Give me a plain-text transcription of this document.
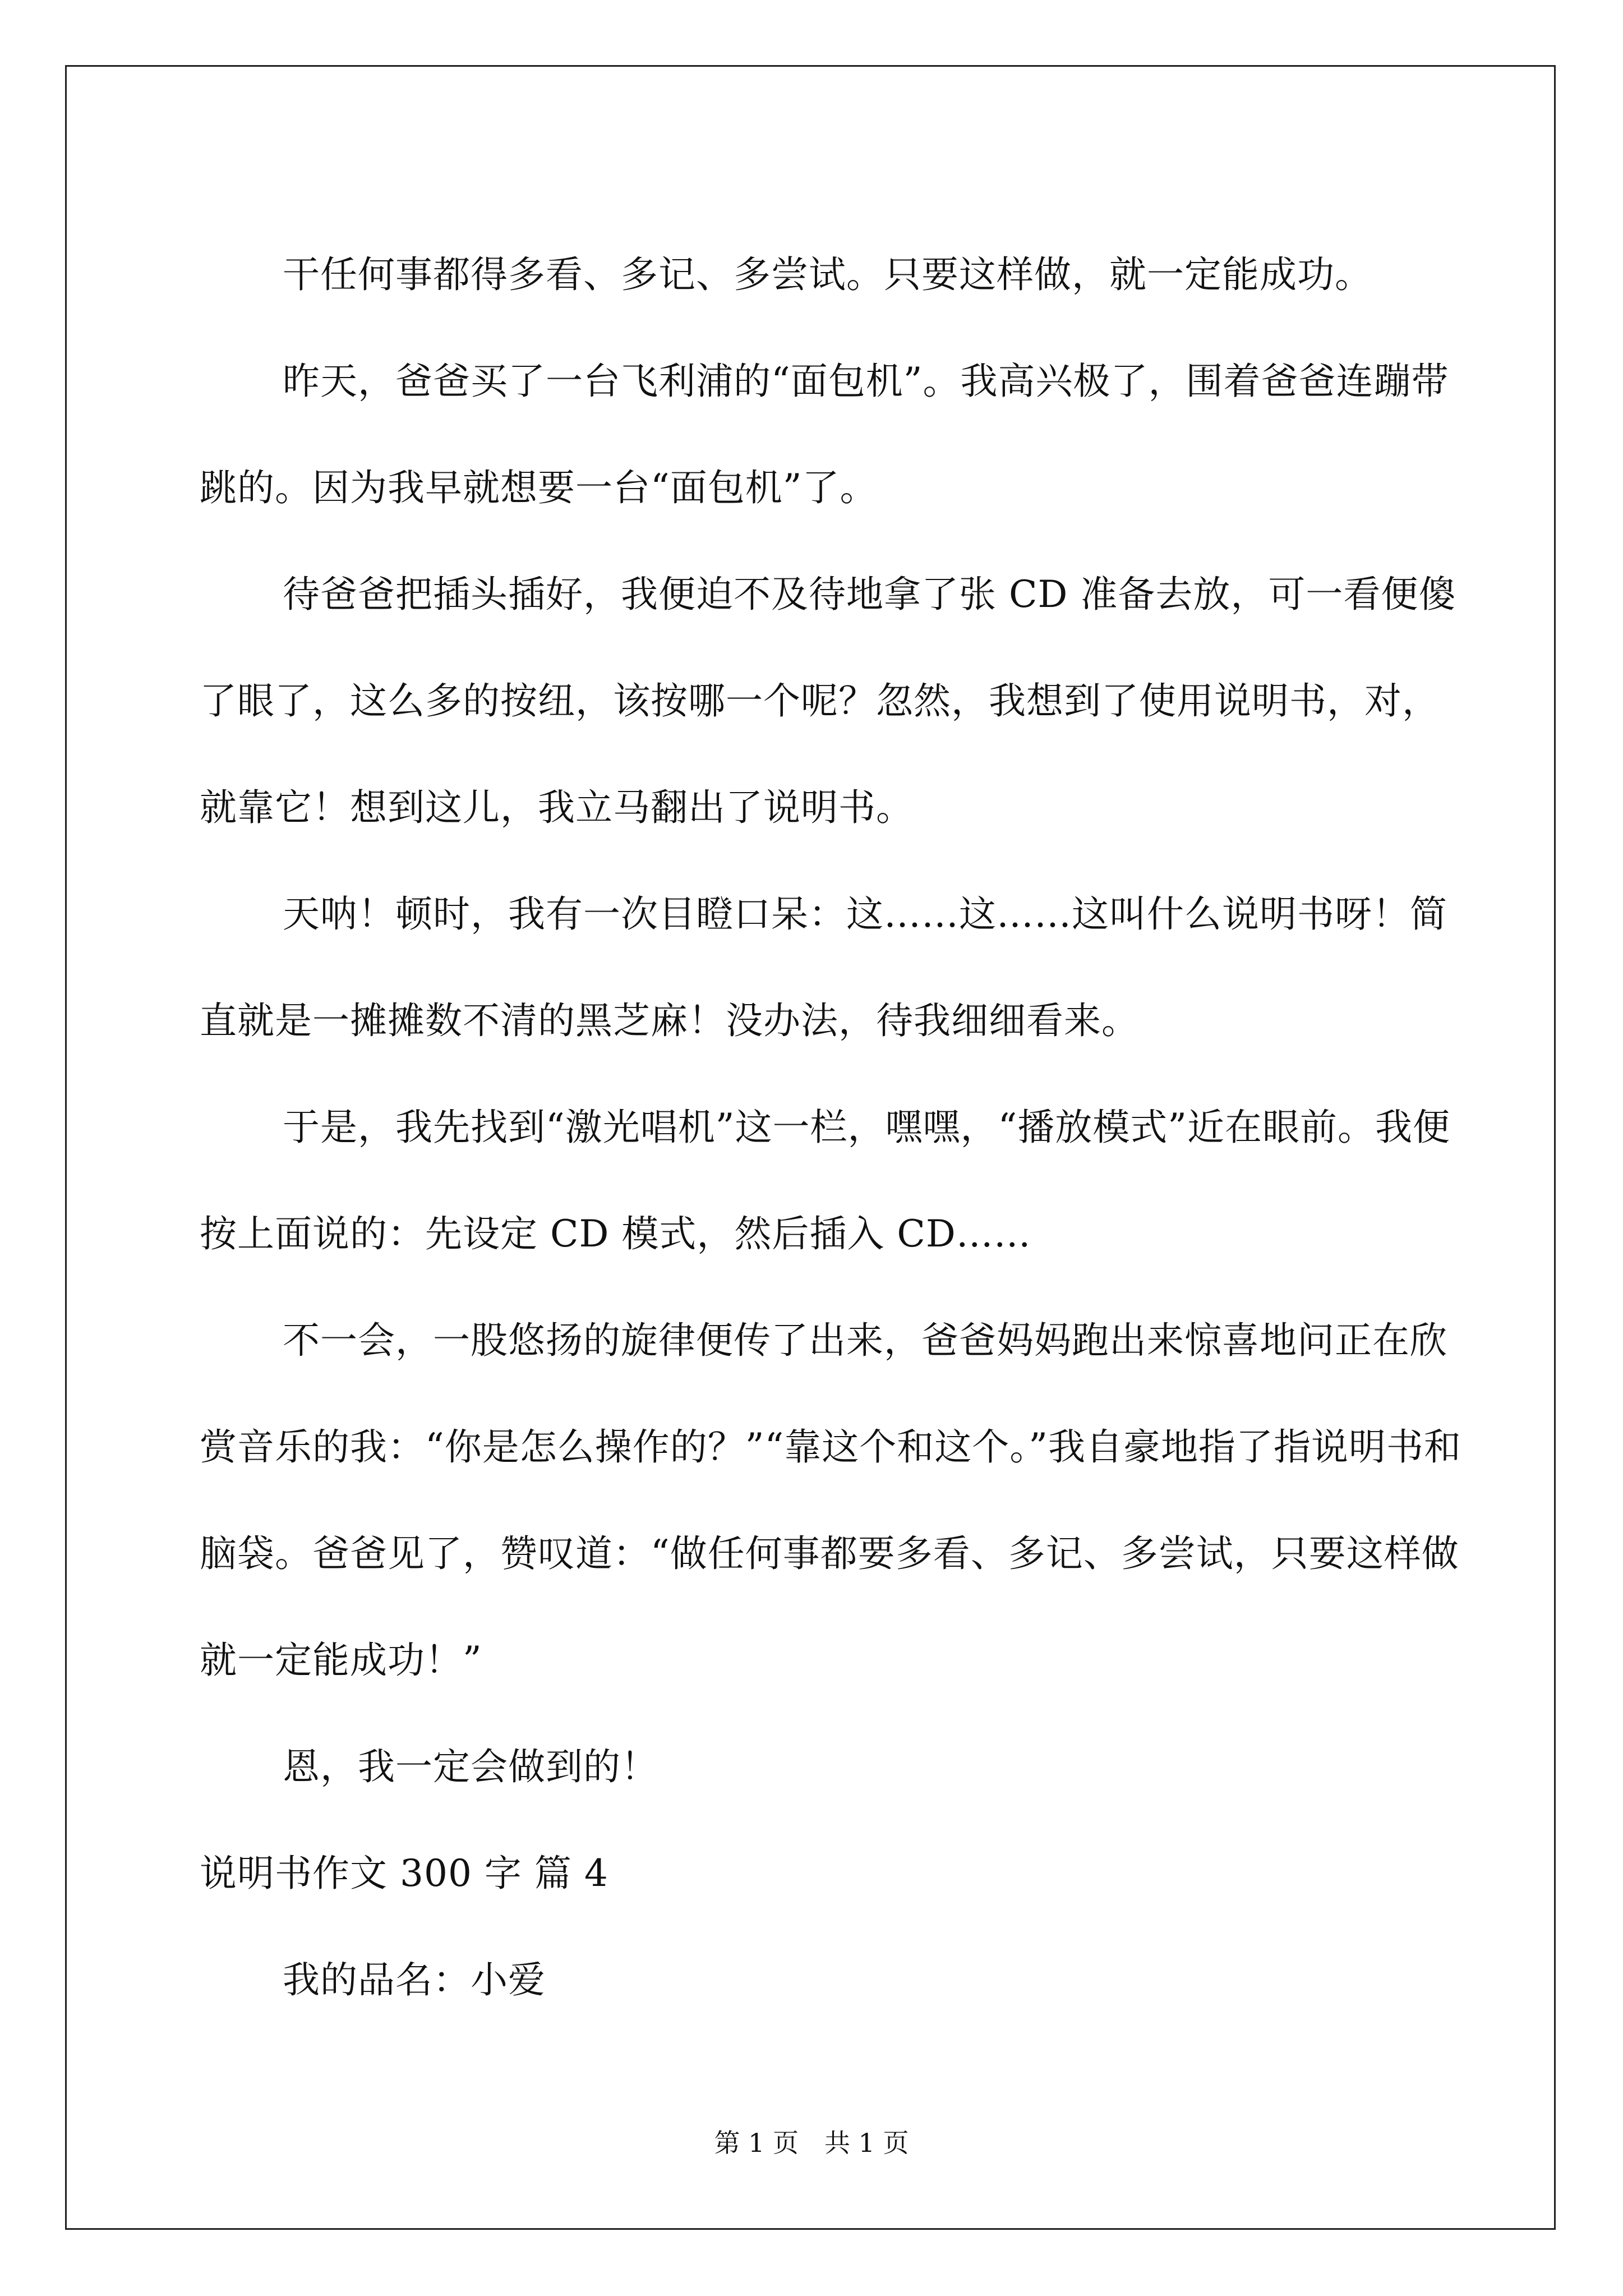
干任何事都得多看、多记、多尝试。只要这样做，就一定能成功。

昨天，爸爸买了一台飞利浦的“面包机”。我高兴极了，围着爸爸连蹦带跳的。因为我早就想要一台“面包机”了。

待爸爸把插头插好，我便迫不及待地拿了张 CD 准备去放，可一看便傻了眼了，这么多的按纽，该按哪一个呢？忽然，我想到了使用说明书，对，就靠它！想到这儿，我立马翻出了说明书。

天呐！顿时，我有一次目瞪口呆：这……这……这叫什么说明书呀！简直就是一摊摊数不清的黑芝麻！没办法，待我细细看来。

于是，我先找到“激光唱机”这一栏，嘿嘿，“播放模式”近在眼前。我便按上面说的：先设定 CD 模式，然后插入 CD……

不一会，一股悠扬的旋律便传了出来，爸爸妈妈跑出来惊喜地问正在欣赏音乐的我：“你是怎么操作的？”“靠这个和这个。”我自豪地指了指说明书和脑袋。爸爸见了，赞叹道：“做任何事都要多看、多记、多尝试，只要这样做就一定能成功！”

恩，我一定会做到的！

说明书作文 300 字 篇 4

我的品名：小爱

第 1 页　共 1 页
